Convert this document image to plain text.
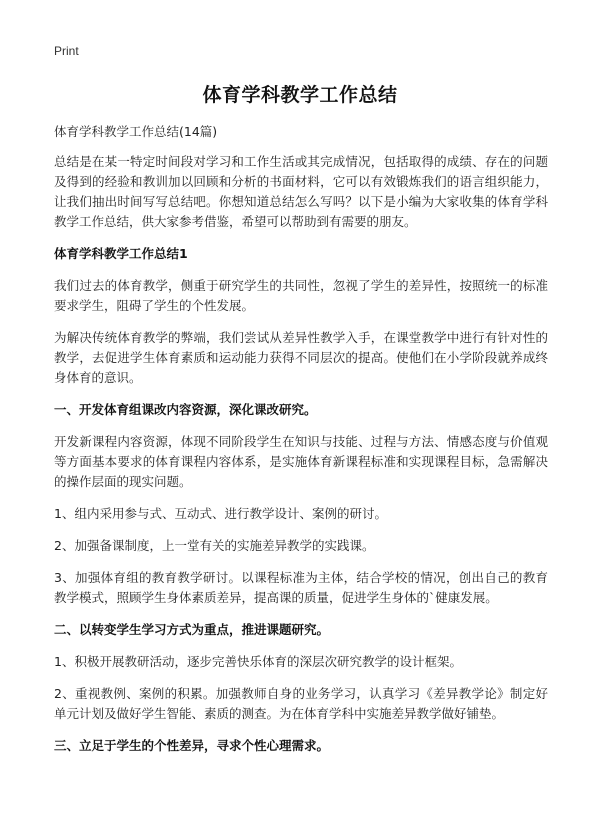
Print
体育学科教学工作总结

体育学科教学工作总结(14篇)

总结是在某一特定时间段对学习和工作生活或其完成情况，包括取得的成绩、存在的问题及得到的经验和教训加以回顾和分析的书面材料，它可以有效锻炼我们的语言组织能力，让我们抽出时间写写总结吧。你想知道总结怎么写吗？以下是小编为大家收集的体育学科教学工作总结，供大家参考借鉴，希望可以帮助到有需要的朋友。

体育学科教学工作总结1

我们过去的体育教学，侧重于研究学生的共同性，忽视了学生的差异性，按照统一的标准要求学生，阻碍了学生的个性发展。

为解决传统体育教学的弊端，我们尝试从差异性教学入手，在课堂教学中进行有针对性的教学，去促进学生体育素质和运动能力获得不同层次的提高。使他们在小学阶段就养成终身体育的意识。

一、开发体育组课改内容资源，深化课改研究。

开发新课程内容资源，体现不同阶段学生在知识与技能、过程与方法、情感态度与价值观等方面基本要求的体育课程内容体系，是实施体育新课程标准和实现课程目标，急需解决的操作层面的现实问题。

1、组内采用参与式、互动式、进行教学设计、案例的研讨。

2、加强备课制度，上一堂有关的实施差异教学的实践课。

3、加强体育组的教育教学研讨。以课程标准为主体，结合学校的情况，创出自己的教育教学模式，照顾学生身体素质差异，提高课的质量，促进学生身体的`健康发展。

二、以转变学生学习方式为重点，推进课题研究。

1、积极开展教研活动，逐步完善快乐体育的深层次研究教学的设计框架。

2、重视教例、案例的积累。加强教师自身的业务学习，认真学习《差异教学论》制定好单元计划及做好学生智能、素质的测查。为在体育学科中实施差异教学做好铺垫。

三、立足于学生的个性差异，寻求个性心理需求。
